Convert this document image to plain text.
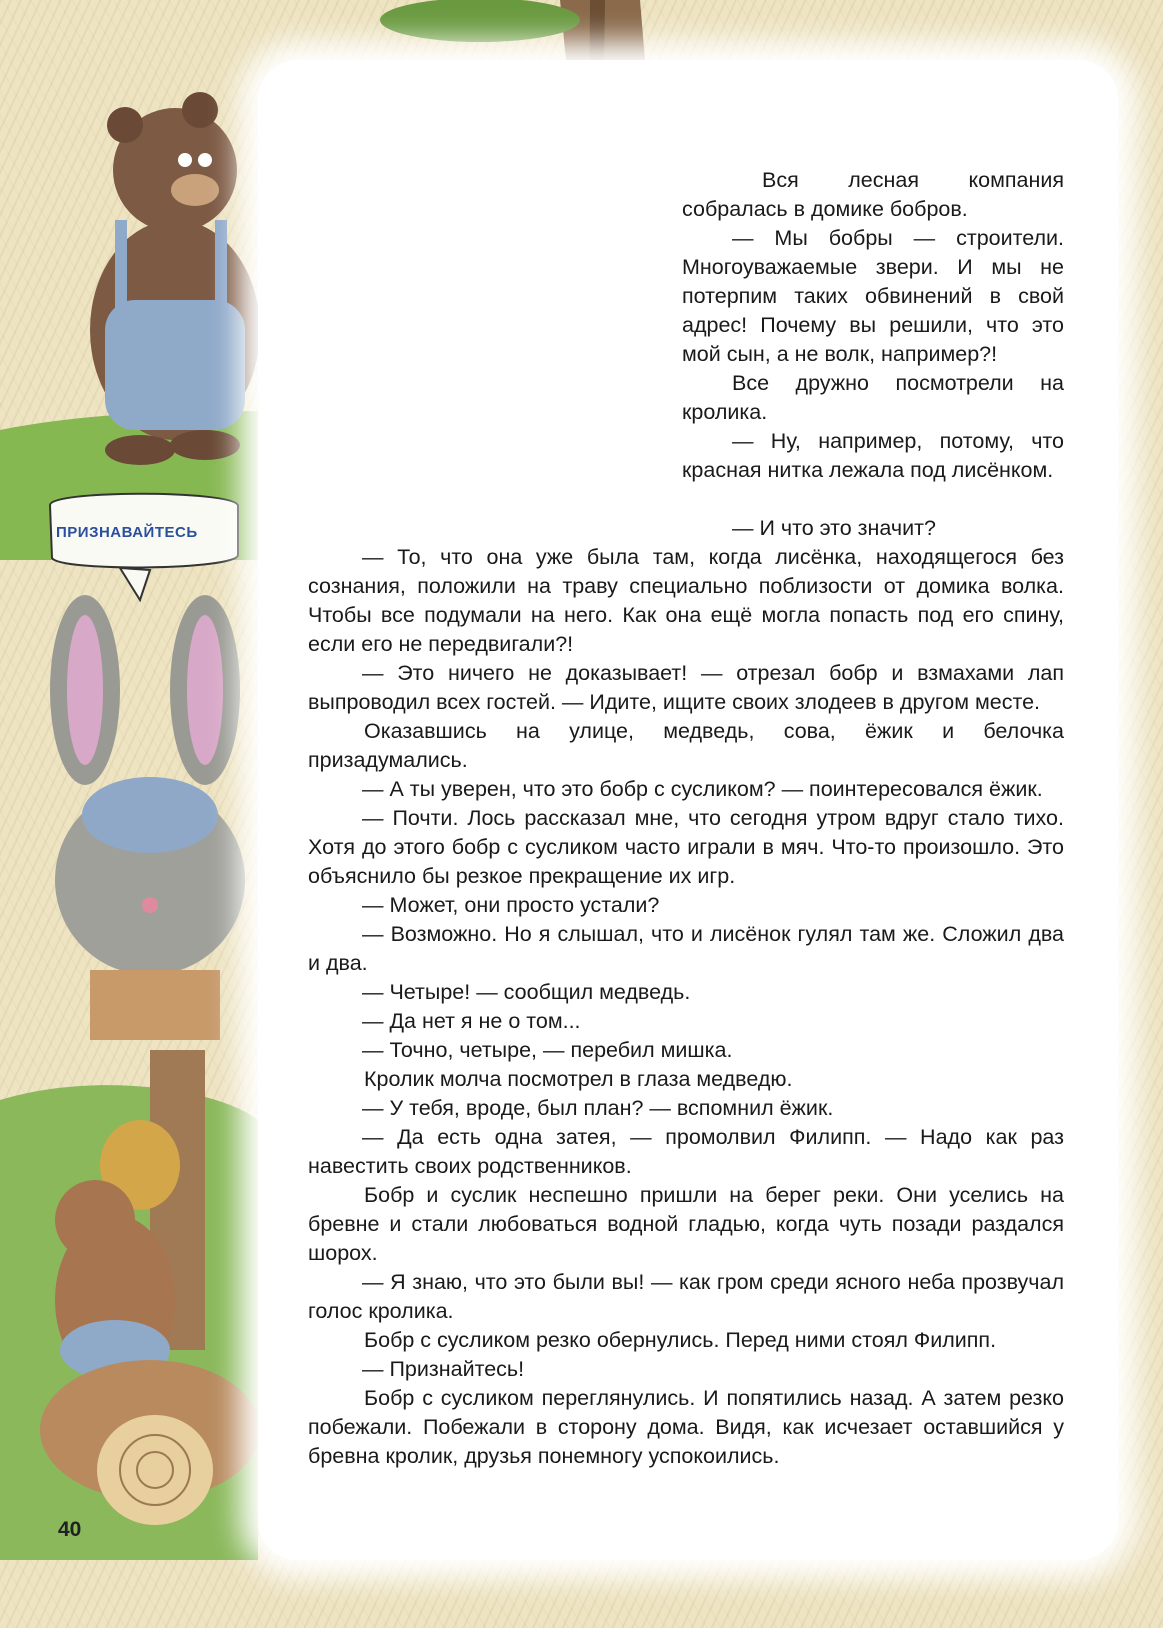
ПРИЗНАВАЙТЕСЬ

Вся лесная компания собралась в домике бобров.

— Мы бобры — строители. Многоуважаемые звери. И мы не потерпим таких обвинений в свой адрес! Почему вы решили, что это мой сын, а не волк, например?!

Все дружно посмотрели на кролика.

— Ну, например, потому, что красная нитка лежала под лисёнком.

— И что это значит?

— То, что она уже была там, когда лисёнка, находящегося без сознания, положили на траву специально поблизости от домика волка. Чтобы все подумали на него. Как она ещё могла попасть под его спину, если его не передвигали?!

— Это ничего не доказывает! — отрезал бобр и взмахами лап выпроводил всех гостей. — Идите, ищите своих злодеев в другом месте.

Оказавшись на улице, медведь, сова, ёжик и белочка призадумались.

— А ты уверен, что это бобр с сусликом? — поинтересовался ёжик.

— Почти. Лось рассказал мне, что сегодня утром вдруг стало тихо. Хотя до этого бобр с сусликом часто играли в мяч. Что-то произошло. Это объяснило бы резкое прекращение их игр.

— Может, они просто устали?

— Возможно. Но я слышал, что и лисёнок гулял там же. Сложил два и два.

— Четыре! — сообщил медведь.

— Да нет я не о том...

— Точно, четыре, — перебил мишка.

Кролик молча посмотрел в глаза медведю.

— У тебя, вроде, был план? — вспомнил ёжик.

— Да есть одна затея, — промолвил Филипп. — Надо как раз навестить своих родственников.

Бобр и суслик неспешно пришли на берег реки. Они уселись на бревне и стали любоваться водной гладью, когда чуть позади раздался шорох.

— Я знаю, что это были вы! — как гром среди ясного неба прозвучал голос кролика.

Бобр с сусликом резко обернулись. Перед ними стоял Филипп.

— Признайтесь!

Бобр с сусликом переглянулись. И попятились назад. А затем резко побежали. Побежали в сторону дома. Видя, как исчезает оставшийся у бревна кролик, друзья понемногу успокоились.

40
